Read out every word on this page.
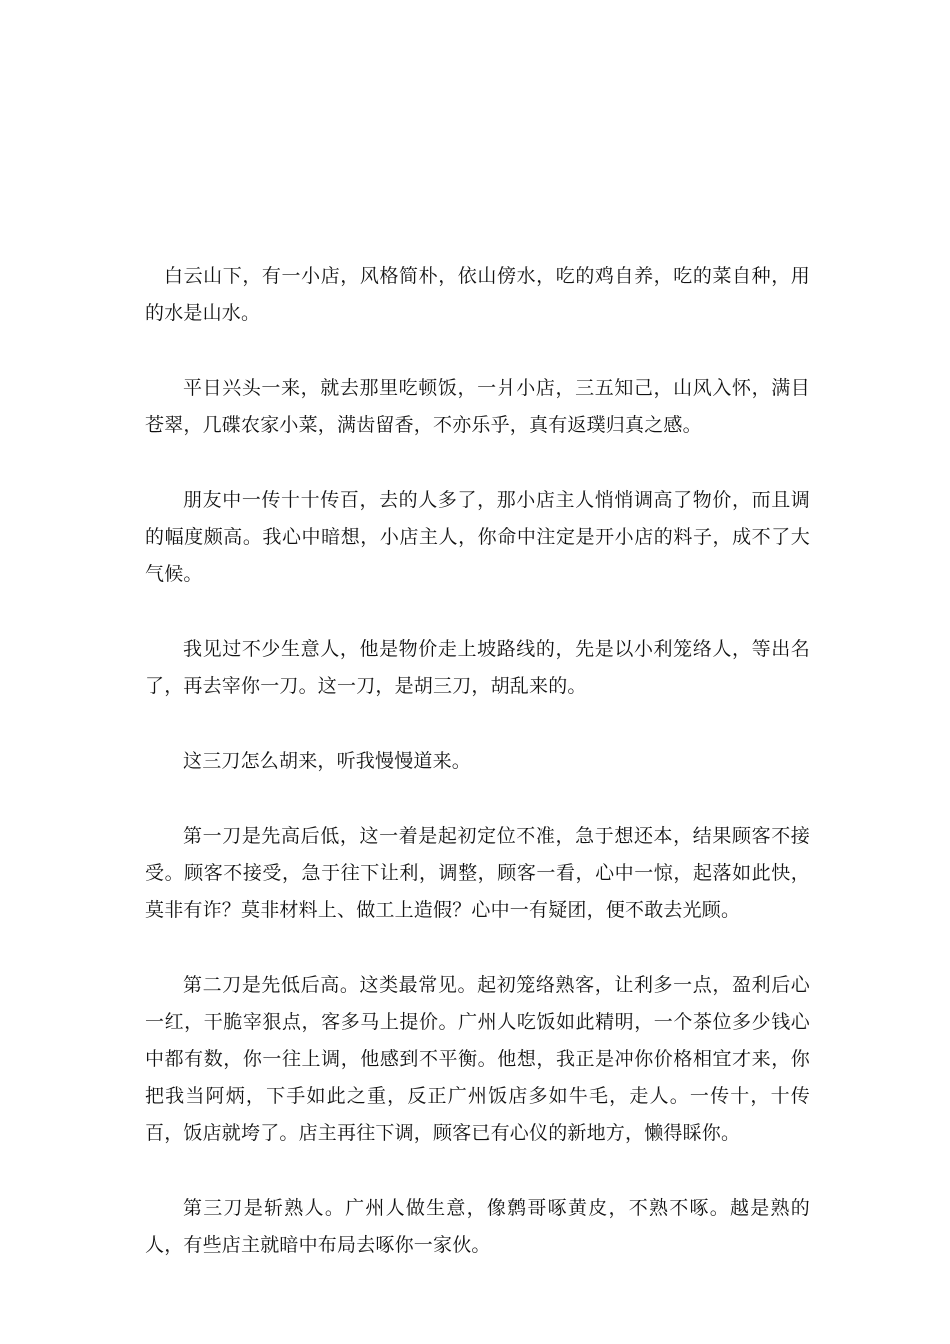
白云山下，有一小店，风格简朴，依山傍水，吃的鸡自养，吃的菜自种，用的水是山水。

平日兴头一来，就去那里吃顿饭，一爿小店，三五知己，山风入怀，满目苍翠，几碟农家小菜，满齿留香，不亦乐乎，真有返璞归真之感。

朋友中一传十十传百，去的人多了，那小店主人悄悄调高了物价，而且调的幅度颇高。我心中暗想，小店主人，你命中注定是开小店的料子，成不了大气候。

我见过不少生意人，他是物价走上坡路线的，先是以小利笼络人，等出名了，再去宰你一刀。这一刀，是胡三刀，胡乱来的。

这三刀怎么胡来，听我慢慢道来。

第一刀是先高后低，这一着是起初定位不准，急于想还本，结果顾客不接受。顾客不接受，急于往下让利，调整，顾客一看，心中一惊，起落如此快，莫非有诈？莫非材料上、做工上造假？心中一有疑团，便不敢去光顾。

第二刀是先低后高。这类最常见。起初笼络熟客，让利多一点，盈利后心一红，干脆宰狠点，客多马上提价。广州人吃饭如此精明，一个茶位多少钱心中都有数，你一往上调，他感到不平衡。他想，我正是冲你价格相宜才来，你把我当阿炳，下手如此之重，反正广州饭店多如牛毛，走人。一传十，十传百，饭店就垮了。店主再往下调，顾客已有心仪的新地方，懒得睬你。

第三刀是斩熟人。广州人做生意，像鹩哥啄黄皮，不熟不啄。越是熟的人，有些店主就暗中布局去啄你一家伙。
